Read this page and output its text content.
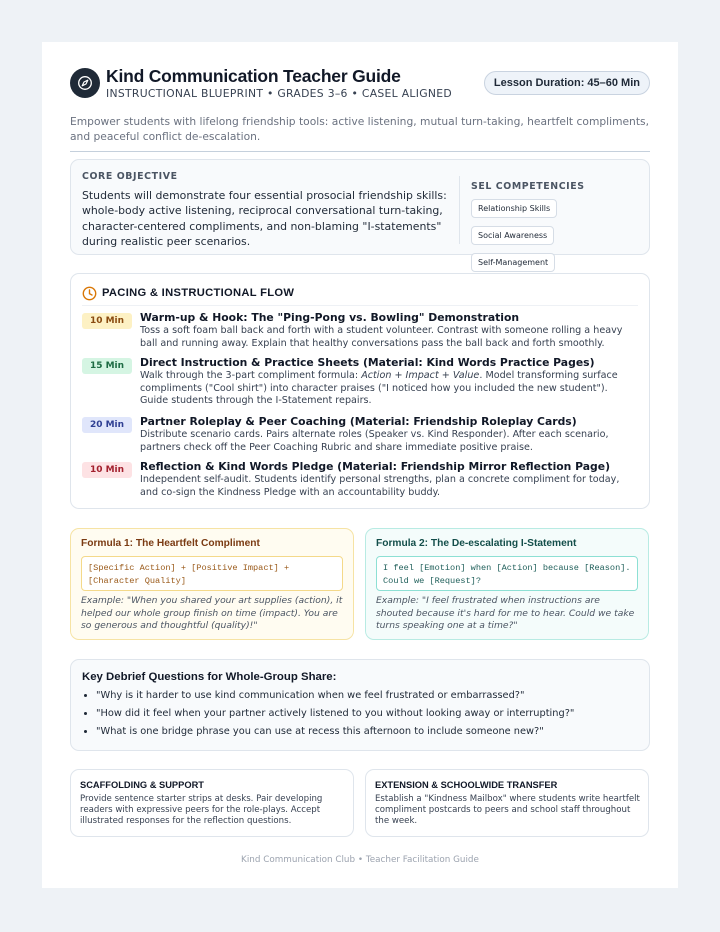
Kind Communication Teacher Guide
INSTRUCTIONAL BLUEPRINT • GRADES 3–6 • CASEL ALIGNED
Lesson Duration: 45–60 Min
Empower students with lifelong friendship tools: active listening, mutual turn-taking, heartfelt compliments, and peaceful conflict de-escalation.
CORE OBJECTIVE
Students will demonstrate four essential prosocial friendship skills: whole-body active listening, reciprocal conversational turn-taking, character-centered compliments, and non-blaming "I-statements" during realistic peer scenarios.
SEL COMPETENCIES
Relationship SkillsSocial Awareness
Self-Management
PACING & INSTRUCTIONAL FLOW
10 Min	Warm-up & Hook: The "Ping-Pong vs. Bowling" Demonstration
Toss a soft foam ball back and forth with a student volunteer. Contrast with someone rolling a heavy ball and running away. Explain that healthy conversations pass the ball back and forth smoothly.
15 Min	Direct Instruction & Practice Sheets (Material: Kind Words Practice Pages)
Walk through the 3-part compliment formula: Action + Impact + Value. Model transforming surface compliments ("Cool shirt") into character praises ("I noticed how you included the new student"). Guide students through the I-Statement repairs.
20 Min	Partner Roleplay & Peer Coaching (Material: Friendship Roleplay Cards)
Distribute scenario cards. Pairs alternate roles (Speaker vs. Kind Responder). After each scenario, partners check off the Peer Coaching Rubric and share immediate positive praise.
10 Min	Reflection & Kind Words Pledge (Material: Friendship Mirror Reflection Page)
Independent self-audit. Students identify personal strengths, plan a concrete compliment for today, and co-sign the Kindness Pledge with an accountability buddy.
Formula 1: The Heartfelt Compliment
[Specific Action] + [Positive Impact] + [Character Quality]
Example: "When you shared your art supplies (action), it helped our whole group finish on time (impact). You are so generous and thoughtful (quality)!"
Formula 2: The De-escalating I-Statement
I feel [Emotion] when [Action] because [Reason]. Could we [Request]?
Example: "I feel frustrated when instructions are shouted because it's hard for me to hear. Could we take turns speaking one at a time?"
Key Debrief Questions for Whole-Group Share:
• "Why is it harder to use kind communication when we feel frustrated or embarrassed?"
• "How did it feel when your partner actively listened to you without looking away or interrupting?"
• "What is one bridge phrase you can use at recess this afternoon to include someone new?"
SCAFFOLDING & SUPPORT
Provide sentence starter strips at desks. Pair developing readers with expressive peers for the role-plays. Accept illustrated responses for the reflection questions.
EXTENSION & SCHOOLWIDE TRANSFER
Establish a "Kindness Mailbox" where students write heartfelt compliment postcards to peers and school staff throughout the week.
Kind Communication Club • Teacher Facilitation Guide
